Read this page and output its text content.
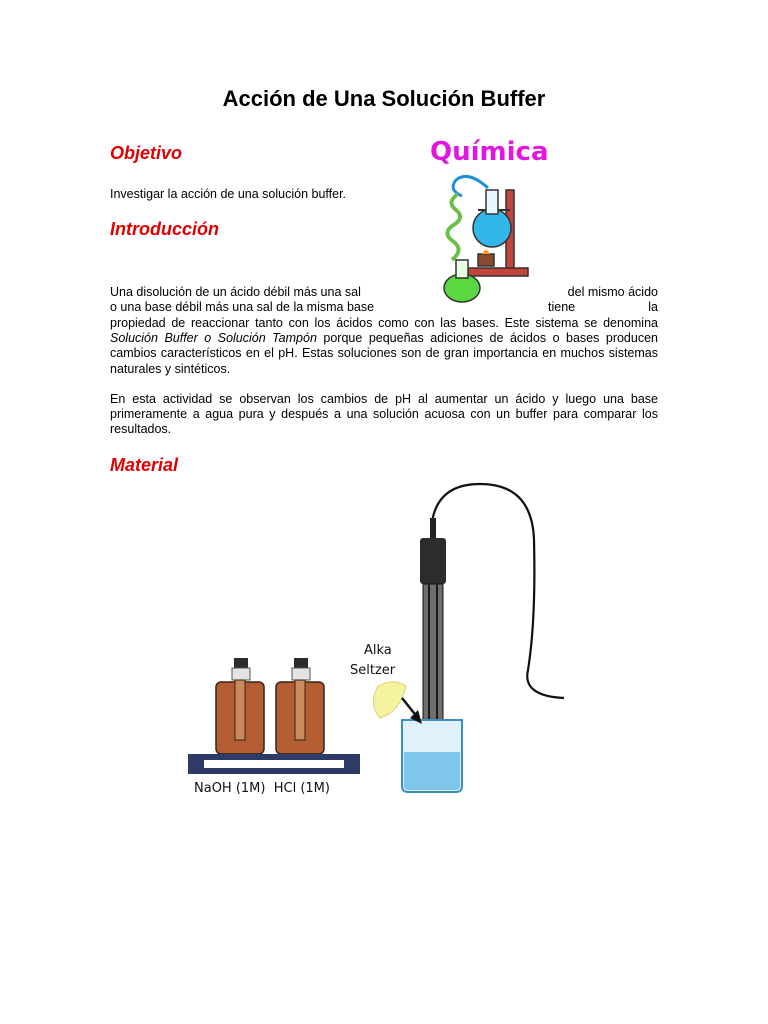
Acción de Una Solución Buffer
Objetivo

Investigar la acción de una solución buffer.

Introducción
Química
Una disolución de un ácido débil más una sal	del mismo ácido
o una base débil más una sal de la misma base	tiene	la

propiedad de reaccionar tanto con los ácidos como con las bases. Este sistema se denomina Solución Buffer o Solución Tampón porque pequeñas adiciones de ácidos o bases producen cambios característicos en el pH. Estas soluciones son de gran importancia en muchos sistemas naturales y sintéticos.

En esta actividad se observan los cambios de pH al aumentar un ácido y luego una base primeramente a agua pura y después a una solución acuosa con un buffer para comparar los resultados.

Material
Alka
Seltzer
NaOH (1M)  HCl (1M)
